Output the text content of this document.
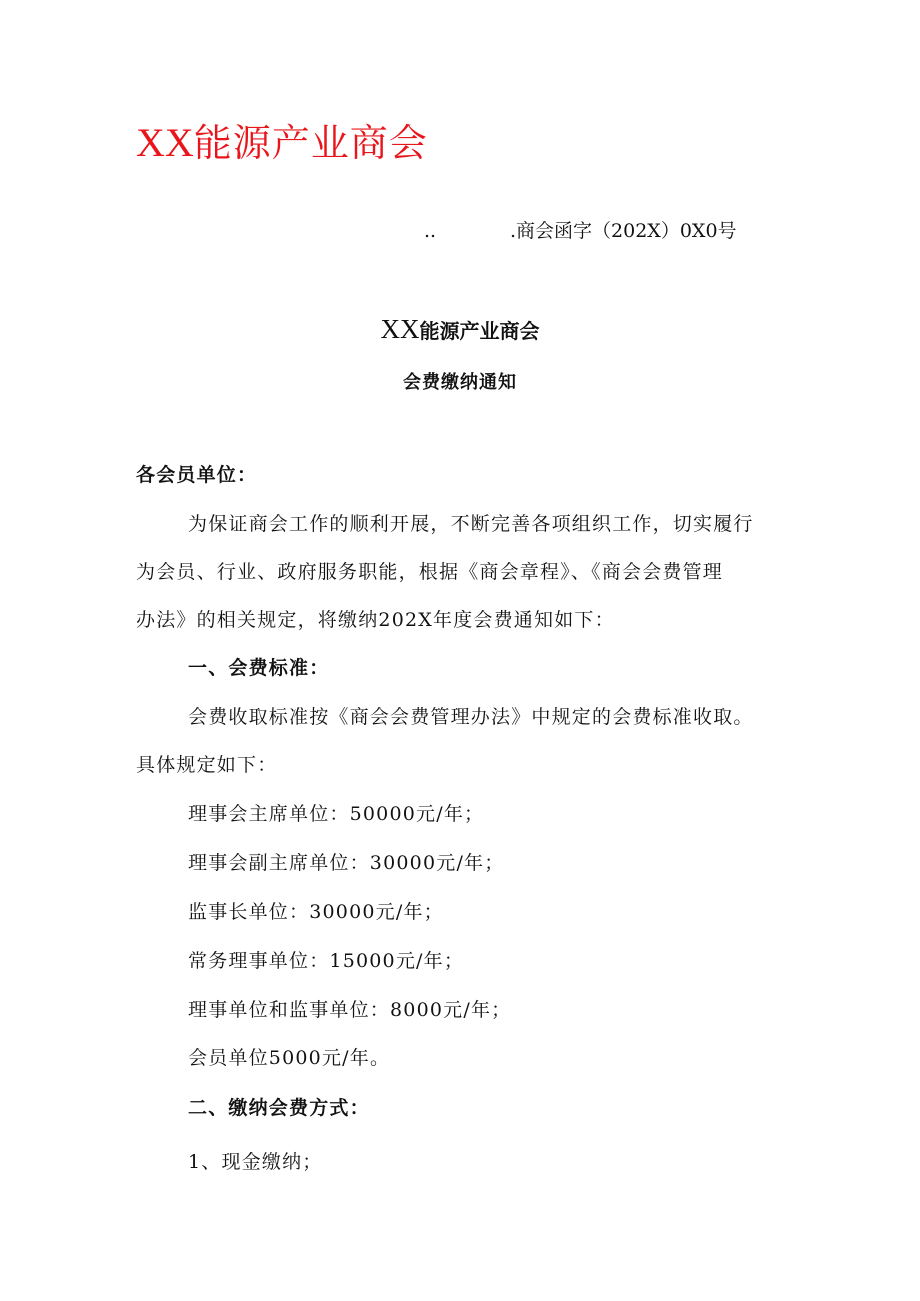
XX能源产业商会
..	.商会函字（202X）0X0号
XX能源产业商会
会费缴纳通知
各会员单位：
为保证商会工作的顺利开展，不断完善各项组织工作，切实履行
为会员、行业、政府服务职能，根据《商会章程》、《商会会费管理
办法》的相关规定，将缴纳202X年度会费通知如下：
一、会费标准：
会费收取标准按《商会会费管理办法》中规定的会费标准收取。
具体规定如下：
理事会主席单位：50000元/年；
理事会副主席单位：30000元/年；
监事长单位：30000元/年；
常务理事单位：15000元/年；
理事单位和监事单位：8000元/年；
会员单位5000元/年。
二、缴纳会费方式：
1、现金缴纳；
